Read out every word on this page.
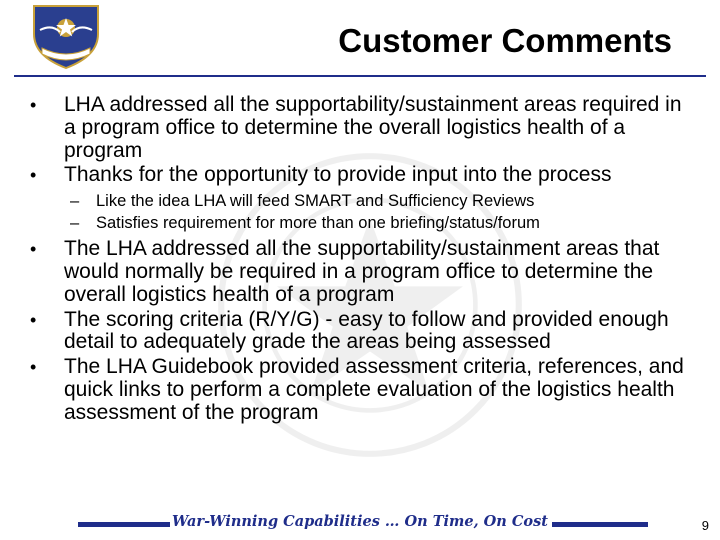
Customer Comments
• LHA addressed all the supportability/sustainment areas required in a program office to determine the overall logistics health of a program
• Thanks for the opportunity to provide input into the process
– Like the idea LHA will feed SMART and Sufficiency Reviews
– Satisfies requirement for more than one briefing/status/forum
• The LHA addressed all the supportability/sustainment areas that would normally be required in a program office to determine the overall logistics health of a program
• The scoring criteria (R/Y/G) - easy to follow and provided enough detail to adequately grade the areas being assessed
• The LHA Guidebook provided assessment criteria, references, and quick links to perform a complete evaluation of the logistics health assessment of the program
War-Winning Capabilities … On Time, On Cost	9
